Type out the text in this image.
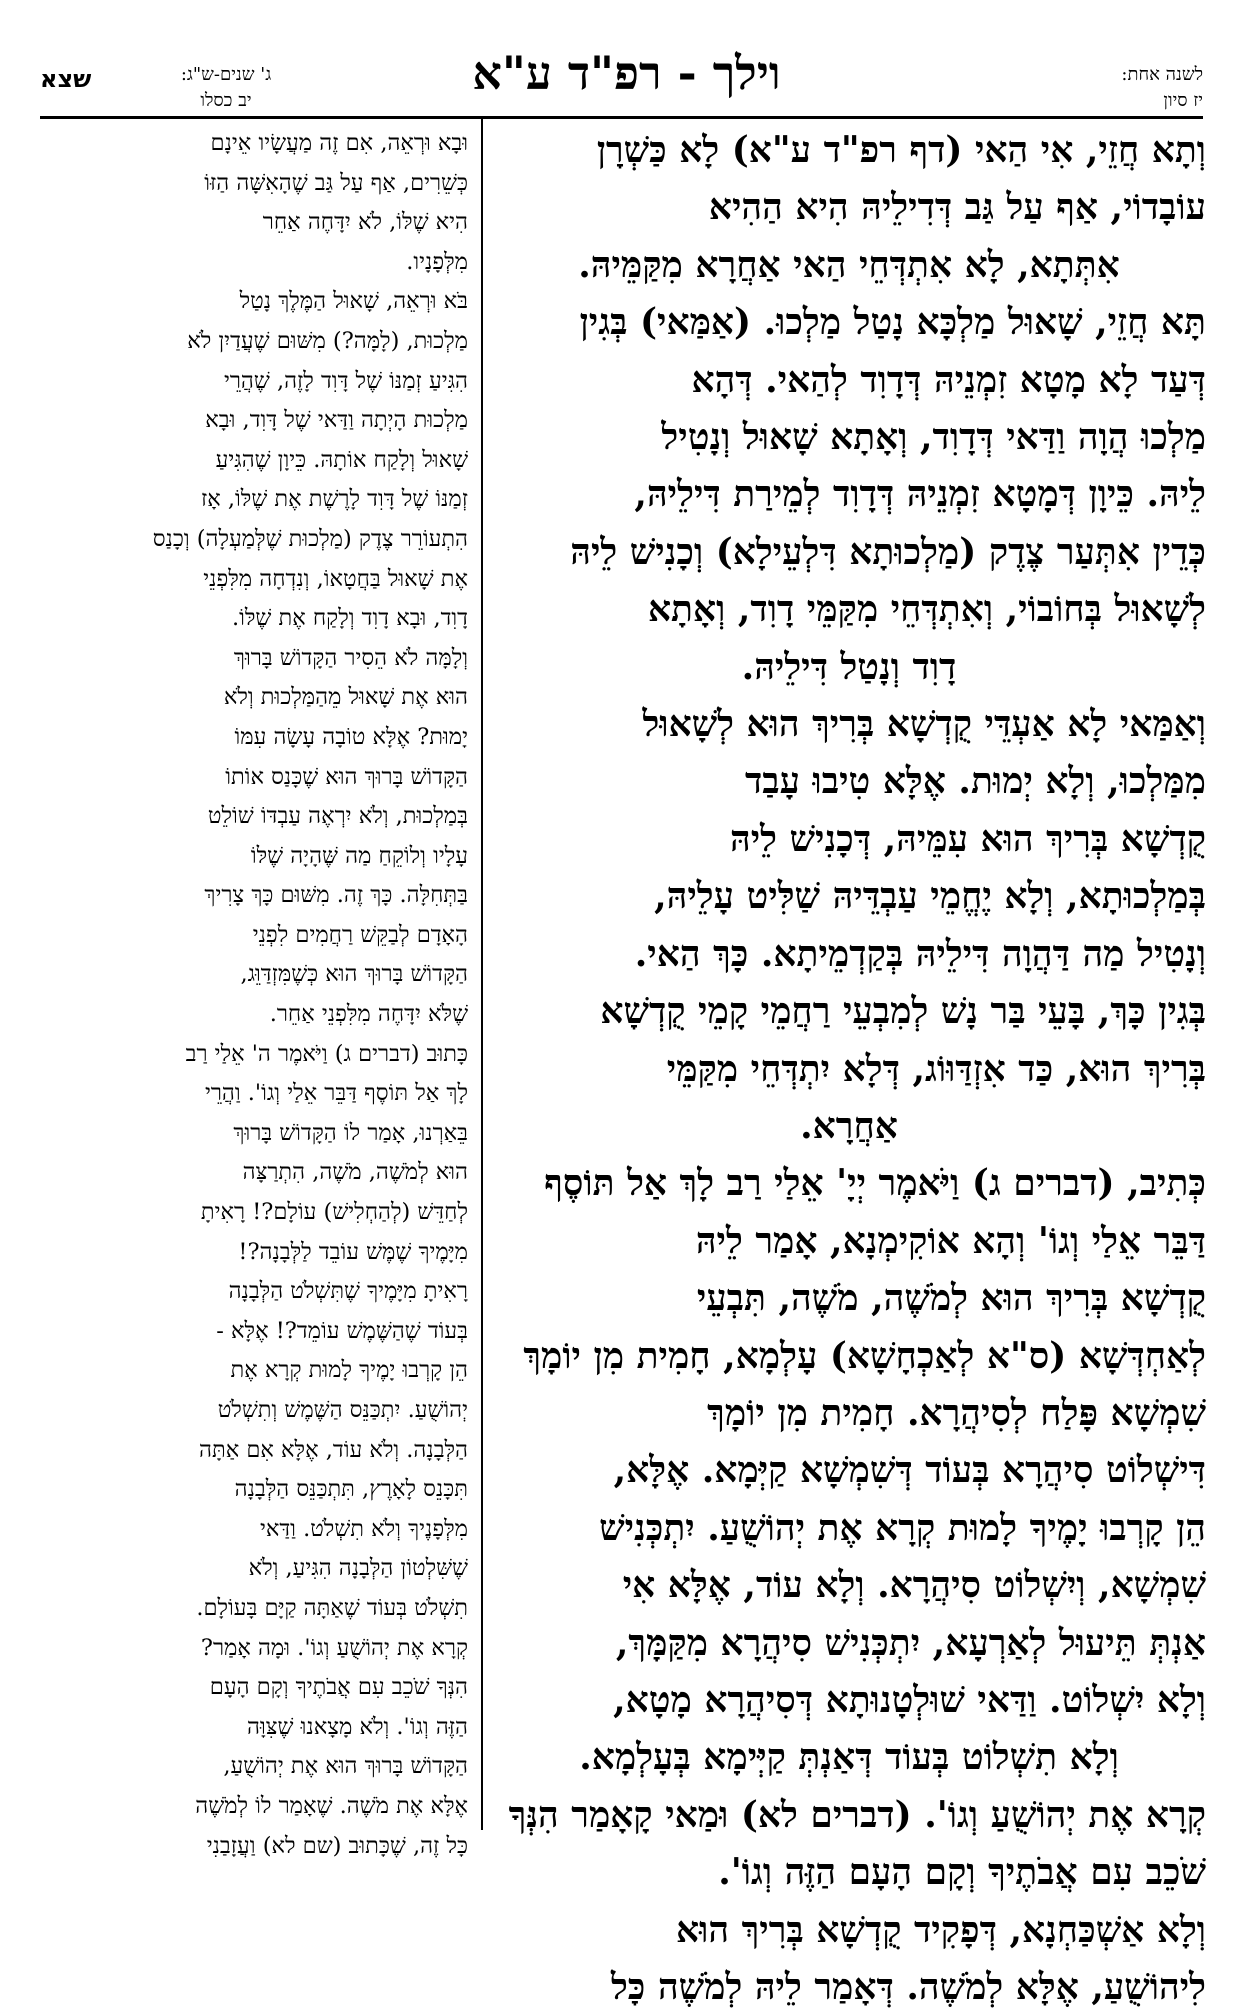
שצא	ג' שנים-ש"ג:
יב כסלו
וילך - רפ"ד ע"א	לשנה אחת:
יז סיון
וְתָא חֲזֵי, אִי הַאי (דף רפ"ד ע"א) לָא כַּשְׁרָן
עוֹבָדוֹי, אַף עַל גַּב דְּדִילֵיהּ הִיא הַהִיא
אִתְּתָא, לָא אִתְדְּחֵי הַאי אַחֲרָא מִקַּמֵּיהּ.
תָּא חֲזֵי, שָׁאוּל מַלְכָּא נָטַל מַלְכוּ. (אַמַּאי) בְּגִין
דְּעַד לָא מָטָא זִמְנֵיהּ דְּדָוִד לְהַאי. דְּהָא
מַלְכוּ הֲוָה וַדַּאי דְּדָוִד, וְאָתָא שָׁאוּל וְנָטִיל
לֵיהּ. כֵּיוָן דְּמָטָא זִמְנֵיהּ דְּדָוִד לְמֵירַת דִּילֵיהּ,
כְּדֵין אִתְּעַר צֶדֶק (מַלְכוּתָא דִּלְעֵילָא) וְכָנִישׁ לֵיהּ
לְשָׁאוּל בְּחוֹבוֹי, וְאִתְדְּחֵי מִקַּמֵּי דָוִד, וְאָתָא
דָוִד וְנָטַל דִּילֵיהּ.
וְאַמַּאי לָא אַעְדֵּי קֻדְשָׁא בְּרִיךְ הוּא לְשָׁאוּל
מִמַּלְכוּ, וְלָא יְמוּת. אֶלָּא טִיבוּ עָבַד
קֻדְשָׁא בְּרִיךְ הוּא עִמֵּיהּ, דְּכָנִישׁ לֵיהּ
בְּמַלְכוּתָא, וְלָא יֶחֱמֵי עַבְדֵּיהּ שַׁלִּיט עָלֵיהּ,
וְנָטִיל מַה דַּהֲוָה דִּילֵיהּ בְּקַדְמֵיתָא. כָּךְ הַאי.
בְּגִין כָּךְ, בָּעֵי בַּר נָשׁ לְמִבְעֵי רַחֲמֵי קָמֵי קֻדְשָׁא
בְּרִיךְ הוּא, כַּד אִזְדַּוּוֹג, דְּלָא יִתְדְּחֵי מִקַּמֵּי
אַחֲרָא.
כְּתִיב, (דברים ג) וַיֹּאמֶר יְיָ' אֵלַי רַב לָךְ אַל תּוֹסֶף
דַּבֵּר אֵלַי וְגוֹ' וְהָא אוֹקִימְנָא, אָמַר לֵיהּ
קֻדְשָׁא בְּרִיךְ הוּא לְמֹשֶׁה, מֹשֶׁה, תִּבְעֵי
לְאַחְדְּשָׁא (ס"א לְאַכְחָשָׁא) עָלְמָא, חָמִית מִן יוֹמָךְ
שִׁמְשָׁא פָּלַח לְסִיהֲרָא. חָמִית מִן יוֹמָךְ
דִּישְׁלוֹט סִיהֲרָא בְּעוֹד דְּשִׁמְשָׁא קַיְּמָא. אֶלָּא,
הֵן קָרְבוּ יָמֶיךָ לָמוּת קְרָא אֶת יְהוֹשֻׁעַ. יִתְכְּנִישׁ
שִׁמְשָׁא, וְיִשְׁלוֹט סִיהֲרָא. וְלָא עוֹד, אֶלָּא אִי
אַנְתְּ תֵּיעוּל לְאַרְעָא, יִתְכְּנִישׁ סִיהֲרָא מִקַּמָּךְ,
וְלָא יִשְׁלוֹט. וַדַּאי שׁוּלְטָנוּתָא דְּסִיהֲרָא מָטָא,
וְלָא תִשְׁלוֹט בְּעוֹד דְּאַנְתְּ קַיְּימָא בְּעָלְמָא.
קְרָא אֶת יְהוֹשֻׁעַ וְגוֹ'. (דברים לא) וּמַאי קָאָמַר הִנְּךָ
שֹׁכֵב עִם אֲבֹתֶיךָ וְקָם הָעָם הַזֶּה וְגוֹ'.
וְלָא אַשְׁכַּחְנָא, דְּפָקִיד קֻדְשָׁא בְּרִיךְ הוּא
לִיהוֹשֻׁעַ, אֶלָּא לְמֹשֶׁה. דְּאָמַר לֵיהּ לְמֹשֶׁה כָּל
וּבָא וּרְאֵה, אִם זֶה מַעֲשָׂיו אֵינָם
כְּשֵׁרִים, אַף עַל גַּב שֶׁהָאִשָּׁה הַזּוֹ
הִיא שֶׁלּוֹ, לֹא יִדָּחֶה אַחֵר
מִלְּפָנָיו.
בֹּא וּרְאֵה, שָׁאוּל הַמֶּלֶךְ נָטַל
מַלְכוּת, (לָמָּה?) מִשּׁוּם שֶׁעֲדַיִן לֹא
הִגִּיעַ זְמַנּוֹ שֶׁל דָּוִד לָזֶה, שֶׁהֲרֵי
מַלְכוּת הָיְתָה וַדַּאי שֶׁל דָּוִד, וּבָא
שָׁאוּל וְלָקַח אוֹתָהּ. כֵּיוָן שֶׁהִגִּיעַ
זְמַנּוֹ שֶׁל דָּוִד לָרֶשֶׁת אֶת שֶׁלּוֹ, אָז
הִתְעוֹרֵר צֶדֶק (מַלְכוּת שֶׁלְּמַעְלָה) וְכָנַס
אֶת שָׁאוּל בַּחֲטָאוֹ, וְנִדְחָה מִלִּפְנֵי
דָוִד, וּבָא דָוִד וְלָקַח אֶת שֶׁלּוֹ.
וְלָמָּה לֹא הֵסִיר הַקָּדוֹשׁ בָּרוּךְ
הוּא אֶת שָׁאוּל מֵהַמַּלְכוּת וְלֹא
יָמוּת? אֶלָּא טוֹבָה עָשָׂה עִמּוֹ
הַקָּדוֹשׁ בָּרוּךְ הוּא שֶׁכָּנַס אוֹתוֹ
בְּמַלְכוּת, וְלֹא יִרְאֶה עַבְדּוֹ שׁוֹלֵט
עָלָיו וְלוֹקֵחַ מַה שֶּׁהָיָה שֶׁלּוֹ
בַּתְּחִלָּה. כָּךְ זֶה. מִשּׁוּם כָּךְ צָרִיךְ
הָאָדָם לְבַקֵּשׁ רַחֲמִים לִפְנֵי
הַקָּדוֹשׁ בָּרוּךְ הוּא כְּשֶׁמִּזְדַּוֵּג,
שֶׁלֹּא יִדָּחֶה מִלִּפְנֵי אַחֵר.
כָּתוּב (דברים ג) וַיֹּאמֶר ה' אֵלַי רַב
לָךְ אַל תּוֹסֶף דַּבֵּר אֵלַי וְגוֹ'. וַהֲרֵי
בֵּאַרְנוּ, אָמַר לוֹ הַקָּדוֹשׁ בָּרוּךְ
הוּא לְמֹשֶׁה, מֹשֶׁה, הִתְרַצָּה
לְחַדֵּשׁ (לְהַחְלִישׁ) עוֹלָם?! רָאִיתָ
מִיָּמֶיךָ שֶׁמֶּשׁ עוֹבֵד לַלְּבָנָה?!
רָאִיתָ מִיָּמֶיךָ שֶׁתִּשְׁלֹט הַלְּבָנָה
בְּעוֹד שֶׁהַשֶּׁמֶשׁ עוֹמֵד?! אֶלָּא -
הֵן קָרְבוּ יָמֶיךָ לָמוּת קְרָא אֶת
יְהוֹשֻׁעַ. יִתְכַּנֵּס הַשֶּׁמֶשׁ וְתִשְׁלֹט
הַלְּבָנָה. וְלֹא עוֹד, אֶלָּא אִם אַתָּה
תִּכָּנֵס לָאָרֶץ, תִּתְכַּנֵּס הַלְּבָנָה
מִלְּפָנֶיךָ וְלֹא תִשְׁלֹט. וַדַּאי
שֶׁשִּׁלְטוֹן הַלְּבָנָה הִגִּיעַ, וְלֹא
תִשְׁלֹט בְּעוֹד שֶׁאַתָּה קַיָּם בָּעוֹלָם.
קְרָא אֶת יְהוֹשֻׁעַ וְגוֹ'. וּמָה אָמַר?
הִנְּךָ שֹׁכֵב עִם אֲבֹתֶיךָ וְקָם הָעָם
הַזֶּה וְגוֹ'. וְלֹא מָצָאנוּ שֶׁצִּוָּה
הַקָּדוֹשׁ בָּרוּךְ הוּא אֶת יְהוֹשֻׁעַ,
אֶלָּא אֶת מֹשֶׁה. שֶׁאָמַר לוֹ לְמֹשֶׁה
כָּל זֶה, שֶׁכָּתוּב (שם לא) וַעֲזָבַנִי
